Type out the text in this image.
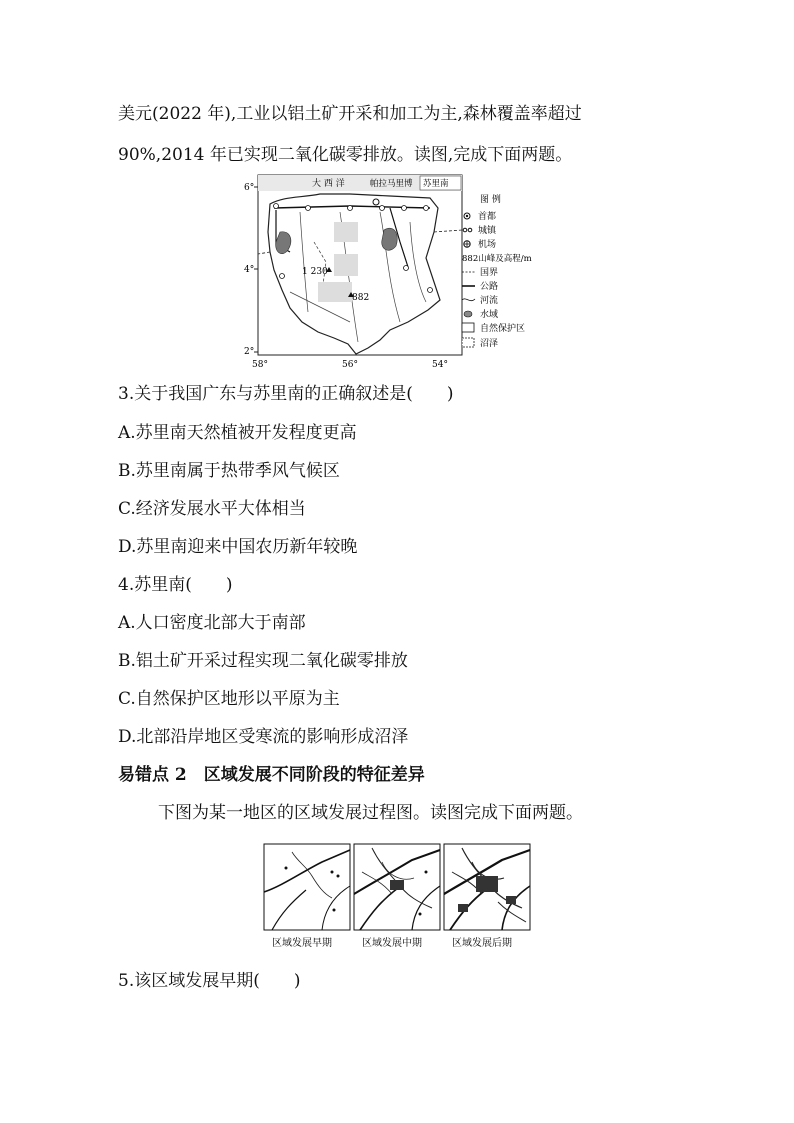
美元(2022 年),工业以铝土矿开采和加工为主,森林覆盖率超过
90%,2014 年已实现二氧化碳零排放。读图,完成下面两题。
6°
4°
2°
大 西 洋	帕拉马里博 苏里南
1 230
882
58°	56°	54°
图 例
首都
城镇
机场
882山峰及高程/m
国界
公路
河流
水域
自然保护区
沼泽
3.关于我国广东与苏里南的正确叙述是( )
A.苏里南天然植被开发程度更高
B.苏里南属于热带季风气候区
C.经济发展水平大体相当
D.苏里南迎来中国农历新年较晚
4.苏里南( )
A.人口密度北部大于南部
B.铝土矿开采过程实现二氧化碳零排放
C.自然保护区地形以平原为主
D.北部沿岸地区受寒流的影响形成沼泽
易错点 2　区域发展不同阶段的特征差异
下图为某一地区的区域发展过程图。读图完成下面两题。
区域发展早期	区域发展中期	区域发展后期
5.该区域发展早期( )
